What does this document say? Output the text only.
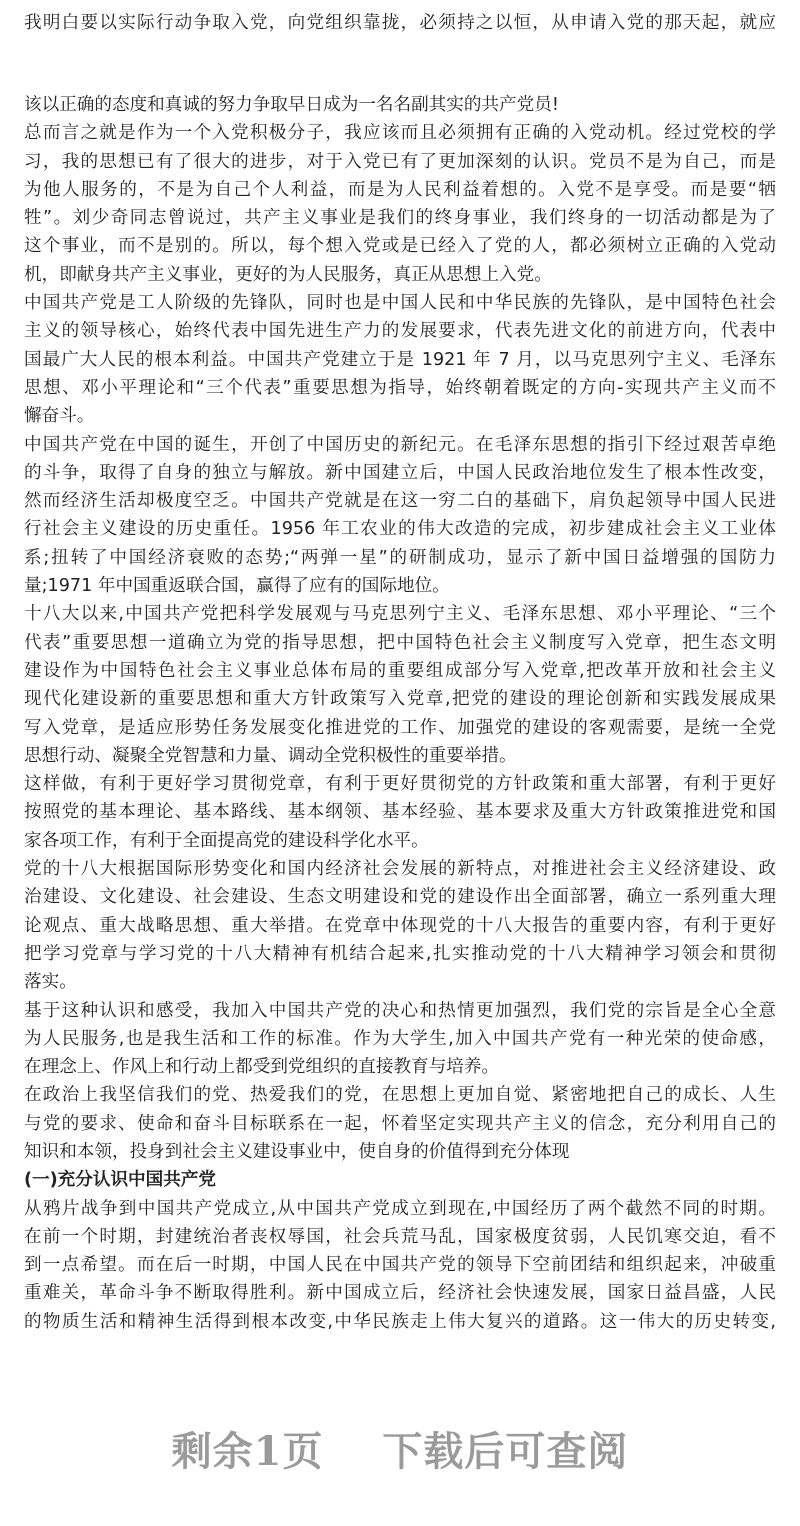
我明白要以实际行动争取入党，向党组织靠拢，必须持之以恒，从申请入党的那天起，就应
该以正确的态度和真诚的努力争取早日成为一名名副其实的共产党员!
总而言之就是作为一个入党积极分子，我应该而且必须拥有正确的入党动机。经过党校的学
习，我的思想已有了很大的进步，对于入党已有了更加深刻的认识。党员不是为自己，而是
为他人服务的，不是为自己个人利益，而是为人民利益着想的。入党不是享受。而是要“牺
牲”。刘少奇同志曾说过，共产主义事业是我们的终身事业，我们终身的一切活动都是为了
这个事业，而不是别的。所以，每个想入党或是已经入了党的人，都必须树立正确的入党动
机，即献身共产主义事业，更好的为人民服务，真正从思想上入党。
中国共产党是工人阶级的先锋队，同时也是中国人民和中华民族的先锋队，是中国特色社会
主义的领导核心，始终代表中国先进生产力的发展要求，代表先进文化的前进方向，代表中
国最广大人民的根本利益。中国共产党建立于是 1921 年 7 月，以马克思列宁主义、毛泽东
思想、邓小平理论和“三个代表”重要思想为指导，始终朝着既定的方向-实现共产主义而不
懈奋斗。
中国共产党在中国的诞生，开创了中国历史的新纪元。在毛泽东思想的指引下经过艰苦卓绝
的斗争，取得了自身的独立与解放。新中国建立后，中国人民政治地位发生了根本性改变，
然而经济生活却极度空乏。中国共产党就是在这一穷二白的基础下，肩负起领导中国人民进
行社会主义建设的历史重任。1956 年工农业的伟大改造的完成，初步建成社会主义工业体
系;扭转了中国经济衰败的态势;“两弹一星”的研制成功，显示了新中国日益增强的国防力
量;1971 年中国重返联合国，赢得了应有的国际地位。
十八大以来,中国共产党把科学发展观与马克思列宁主义、毛泽东思想、邓小平理论、“三个
代表”重要思想一道确立为党的指导思想，把中国特色社会主义制度写入党章，把生态文明
建设作为中国特色社会主义事业总体布局的重要组成部分写入党章,把改革开放和社会主义
现代化建设新的重要思想和重大方针政策写入党章,把党的建设的理论创新和实践发展成果
写入党章，是适应形势任务发展变化推进党的工作、加强党的建设的客观需要，是统一全党
思想行动、凝聚全党智慧和力量、调动全党积极性的重要举措。
这样做，有利于更好学习贯彻党章，有利于更好贯彻党的方针政策和重大部署，有利于更好
按照党的基本理论、基本路线、基本纲领、基本经验、基本要求及重大方针政策推进党和国
家各项工作，有利于全面提高党的建设科学化水平。
党的十八大根据国际形势变化和国内经济社会发展的新特点，对推进社会主义经济建设、政
治建设、文化建设、社会建设、生态文明建设和党的建设作出全面部署，确立一系列重大理
论观点、重大战略思想、重大举措。在党章中体现党的十八大报告的重要内容，有利于更好
把学习党章与学习党的十八大精神有机结合起来,扎实推动党的十八大精神学习领会和贯彻
落实。
基于这种认识和感受，我加入中国共产党的决心和热情更加强烈，我们党的宗旨是全心全意
为人民服务,也是我生活和工作的标准。作为大学生,加入中国共产党有一种光荣的使命感，
在理念上、作风上和行动上都受到党组织的直接教育与培养。
在政治上我坚信我们的党、热爱我们的党，在思想上更加自觉、紧密地把自己的成长、人生
与党的要求、使命和奋斗目标联系在一起，怀着坚定实现共产主义的信念，充分利用自己的
知识和本领，投身到社会主义建设事业中，使自身的价值得到充分体现
(一)充分认识中国共产党
从鸦片战争到中国共产党成立,从中国共产党成立到现在,中国经历了两个截然不同的时期。
在前一个时期，封建统治者丧权辱国，社会兵荒马乱，国家极度贫弱，人民饥寒交迫，看不
到一点希望。而在后一时期，中国人民在中国共产党的领导下空前团结和组织起来，冲破重
重难关，革命斗争不断取得胜利。新中国成立后，经济社会快速发展，国家日益昌盛，人民
的物质生活和精神生活得到根本改变,中华民族走上伟大复兴的道路。这一伟大的历史转变,
剩余1页 下载后可查阅
